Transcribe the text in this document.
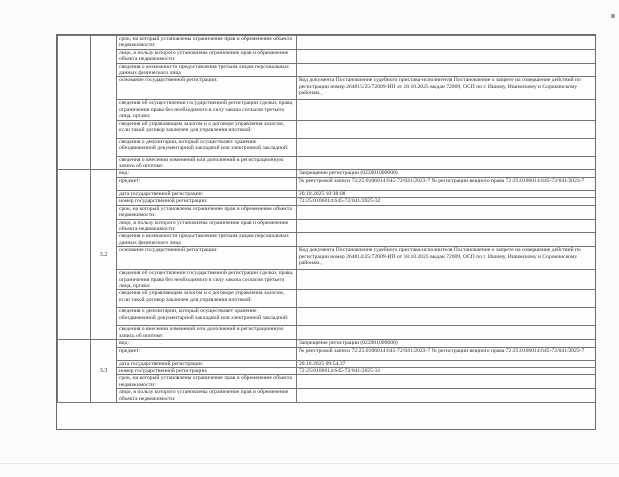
		срок, на который установлены ограничение прав и обременение объекта недвижимости:	
		лицо, в пользу которого установлены ограничение прав и обременение объекта недвижимости:	
		сведения о возможности предоставления третьим лицам персональных данных физического лица	
		основание государственной регистрации:	Код документа Постановление судебного пристава-исполнителя Постановление о запрете на совершение действий по регистрации номер 264815/25/72009-ИП от 18.10.2025 выдан 72009, ОСП по г. Ишиму, Ишимскому и Сорокинскому районам.,
		сведения об осуществлении государственной регистрации сделки, права, ограничения права без необходимого в силу закона согласия третьего лица, органа:	
		сведения об управляющем залогом и о договоре управления залогом, если такой договор заключен для управления ипотекой:	
		сведения о депозитарии, который осуществляет хранение обездвиженной документарной закладной или электронной закладной:	
		сведения о внесении изменений или дополнений в регистрационную запись об ипотеке:	
	3.2	вид:	Запрещение регистрации (022001000000)
		предмет:	№ реестровой записи 72:25:0106014:645-72/041/2023-7 № регистрации вещного права 72:25:0106014:645-72/041/2023-7
		дата государственной регистрации:	20.10.2025 10:38:08
		номер государственной регистрации:	72:25:0106014:645-72/041/2025-32
		срок, на который установлены ограничение прав и обременение объекта недвижимости:	
		лицо, в пользу которого установлены ограничение прав и обременение объекта недвижимости:	
		сведения о возможности предоставления третьим лицам персональных данных физического лица	
		основание государственной регистрации:	Код документа Постановление судебного пристава-исполнителя Постановление о запрете на совершение действий по регистрации номер 264814/25/72009-ИП от 18.10.2025 выдан 72009, ОСП по г. Ишиму, Ишимскому и Сорокинскому районам.,
		сведения об осуществлении государственной регистрации сделки, права, ограничения права без необходимого в силу закона согласия третьего лица, органа:	
		сведения об управляющем залогом и о договоре управления залогом, если такой договор заключен для управления ипотекой:	
		сведения о депозитарии, который осуществляет хранение обездвиженной документарной закладной или электронной закладной:	
		сведения о внесении изменений или дополнений в регистрационную запись об ипотеке:	
	3.3	вид:	Запрещение регистрации (022001000000)
		предмет:	№ реестровой записи 72:25:0106014:645-72/041/2023-7 № регистрации вещного права 72:25:0106014:645-72/041/2023-7
		дата государственной регистрации:	20.10.2025 09:54:37
		номер государственной регистрации:	72:25:0106014:645-72/041/2025-31
		срок, на который установлены ограничение прав и обременение объекта недвижимости:	
		лицо, в пользу которого установлены ограничение прав и обременение объекта недвижимости:	
